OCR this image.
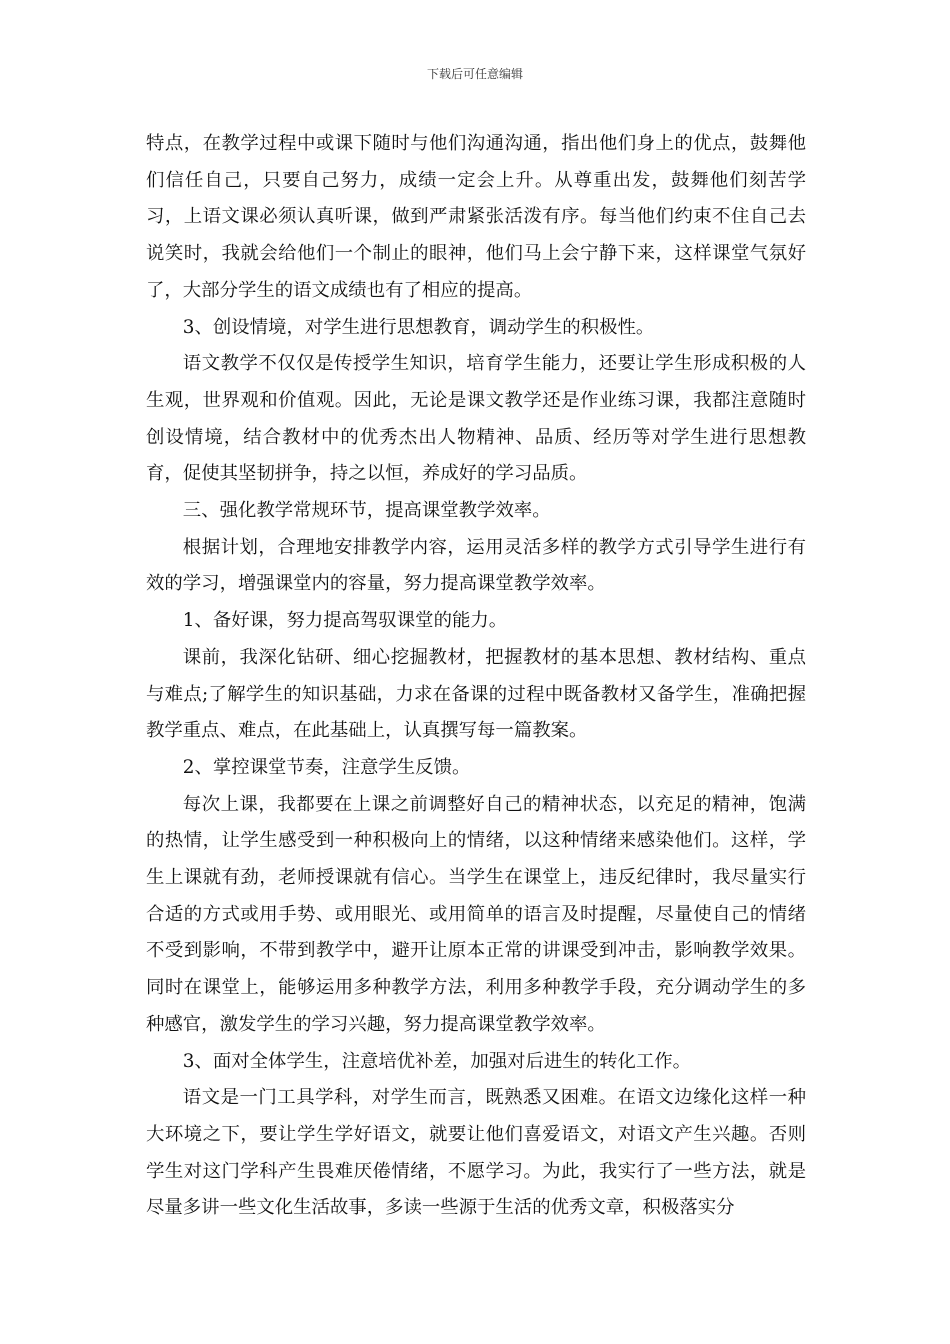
下载后可任意编辑

特点，在教学过程中或课下随时与他们沟通沟通，指出他们身上的优点，鼓舞他们信任自己，只要自己努力，成绩一定会上升。从尊重出发，鼓舞他们刻苦学习，上语文课必须认真听课，做到严肃紧张活泼有序。每当他们约束不住自己去说笑时，我就会给他们一个制止的眼神，他们马上会宁静下来，这样课堂气氛好了，大部分学生的语文成绩也有了相应的提高。

3、创设情境，对学生进行思想教育，调动学生的积极性。

语文教学不仅仅是传授学生知识，培育学生能力，还要让学生形成积极的人生观，世界观和价值观。因此，无论是课文教学还是作业练习课，我都注意随时创设情境，结合教材中的优秀杰出人物精神、品质、经历等对学生进行思想教育，促使其坚韧拼争，持之以恒，养成好的学习品质。

三、强化教学常规环节，提高课堂教学效率。

根据计划，合理地安排教学内容，运用灵活多样的教学方式引导学生进行有效的学习，增强课堂内的容量，努力提高课堂教学效率。

1、备好课，努力提高驾驭课堂的能力。

课前，我深化钻研、细心挖掘教材，把握教材的基本思想、教材结构、重点与难点;了解学生的知识基础，力求在备课的过程中既备教材又备学生，准确把握教学重点、难点，在此基础上，认真撰写每一篇教案。

2、掌控课堂节奏，注意学生反馈。

每次上课，我都要在上课之前调整好自己的精神状态，以充足的精神，饱满的热情，让学生感受到一种积极向上的情绪，以这种情绪来感染他们。这样，学生上课就有劲，老师授课就有信心。当学生在课堂上，违反纪律时，我尽量实行合适的方式或用手势、或用眼光、或用简单的语言及时提醒，尽量使自己的情绪不受到影响，不带到教学中，避开让原本正常的讲课受到冲击，影响教学效果。同时在课堂上，能够运用多种教学方法，利用多种教学手段，充分调动学生的多种感官，激发学生的学习兴趣，努力提高课堂教学效率。

3、面对全体学生，注意培优补差，加强对后进生的转化工作。

语文是一门工具学科，对学生而言，既熟悉又困难。在语文边缘化这样一种大环境之下，要让学生学好语文，就要让他们喜爱语文，对语文产生兴趣。否则学生对这门学科产生畏难厌倦情绪，不愿学习。为此，我实行了一些方法，就是尽量多讲一些文化生活故事，多读一些源于生活的优秀文章，积极落实分
